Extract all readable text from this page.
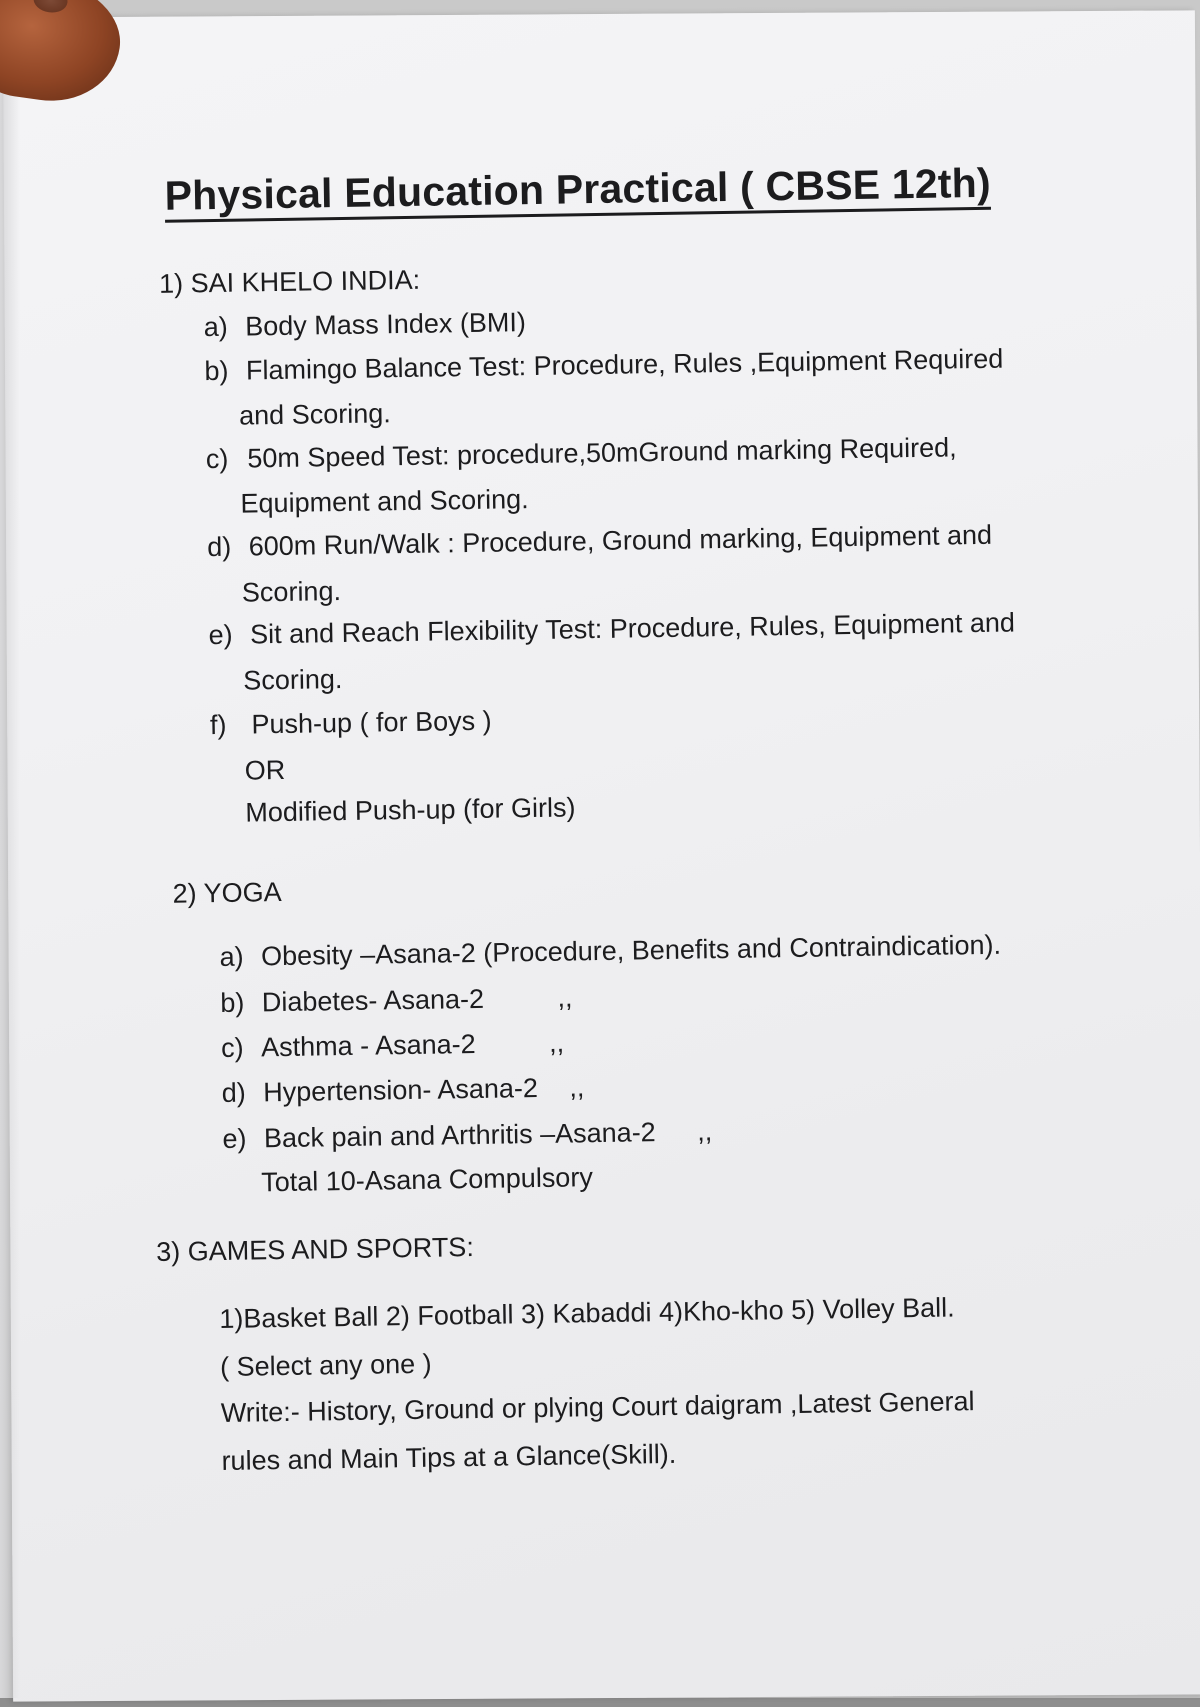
Physical Education Practical ( CBSE 12th)
1) SAI KHELO INDIA:
a) Body Mass Index (BMI)
b) Flamingo Balance Test: Procedure, Rules ,Equipment Required
and Scoring.
c) 50m Speed Test: procedure,50mGround marking Required,
Equipment and Scoring.
d) 600m Run/Walk : Procedure, Ground marking, Equipment and
Scoring.
e) Sit and Reach Flexibility Test: Procedure, Rules, Equipment and
Scoring.
f) Push-up ( for Boys )
OR
Modified Push-up (for Girls)
2) YOGA
a) Obesity –Asana-2 (Procedure, Benefits and Contraindication).
b) Diabetes- Asana-2	,,
c) Asthma - Asana-2	,,
d) Hypertension- Asana-2 ,,
e) Back pain and Arthritis –Asana-2 ,,
Total 10-Asana Compulsory
3) GAMES AND SPORTS:
1)Basket Ball 2) Football 3) Kabaddi 4)Kho-kho 5) Volley Ball.
( Select any one )
Write:- History, Ground or plying Court daigram ,Latest General
rules and Main Tips at a Glance(Skill).
